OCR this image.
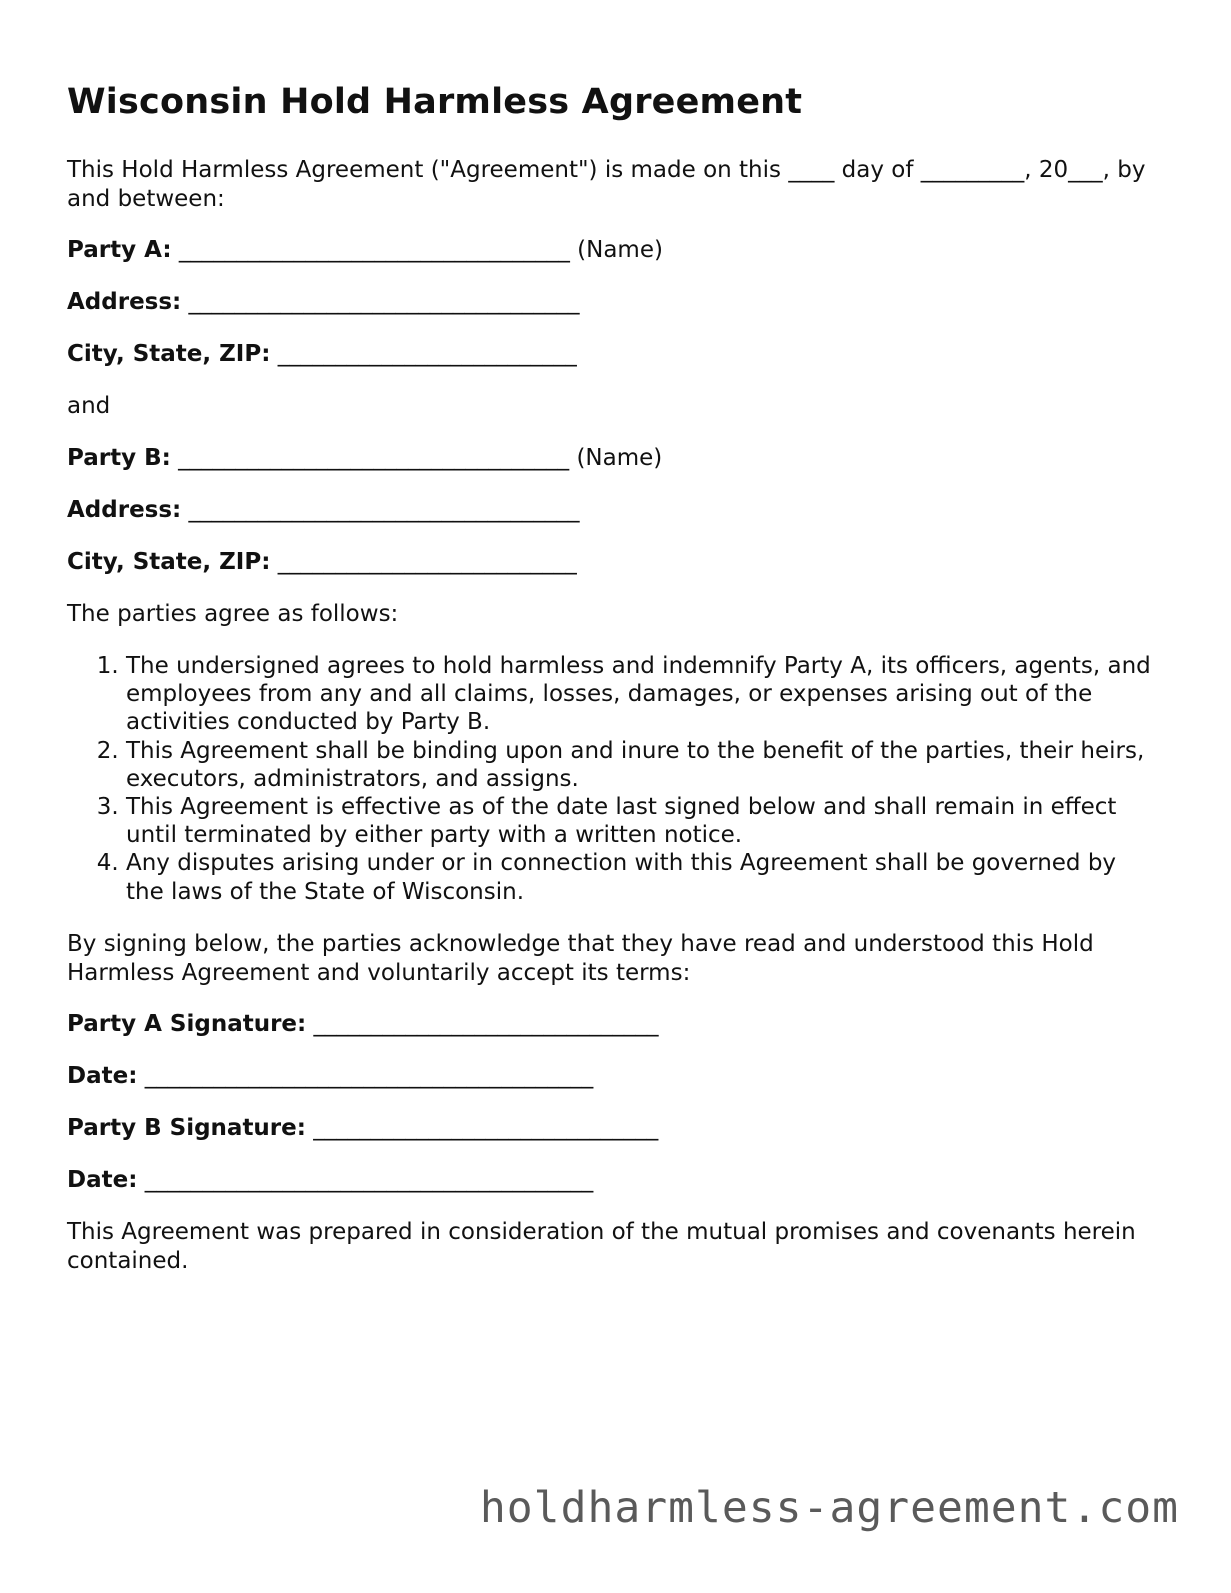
Wisconsin Hold Harmless Agreement

This Hold Harmless Agreement ("Agreement") is made on this ____ day of _________, 20___, by and between:

Party A: __________________________________ (Name)

Address: __________________________________

City, State, ZIP: __________________________

and

Party B: __________________________________ (Name)

Address: __________________________________

City, State, ZIP: __________________________

The parties agree as follows:

1. The undersigned agrees to hold harmless and indemnify Party A, its officers, agents, and employees from any and all claims, losses, damages, or expenses arising out of the activities conducted by Party B.
2. This Agreement shall be binding upon and inure to the benefit of the parties, their heirs, executors, administrators, and assigns.
3. This Agreement is effective as of the date last signed below and shall remain in effect until terminated by either party with a written notice.
4. Any disputes arising under or in connection with this Agreement shall be governed by the laws of the State of Wisconsin.

By signing below, the parties acknowledge that they have read and understood this Hold Harmless Agreement and voluntarily accept its terms:

Party A Signature: ______________________________

Date: _______________________________________

Party B Signature: ______________________________

Date: _______________________________________

This Agreement was prepared in consideration of the mutual promises and covenants herein contained.

holdharmless-agreement.com
